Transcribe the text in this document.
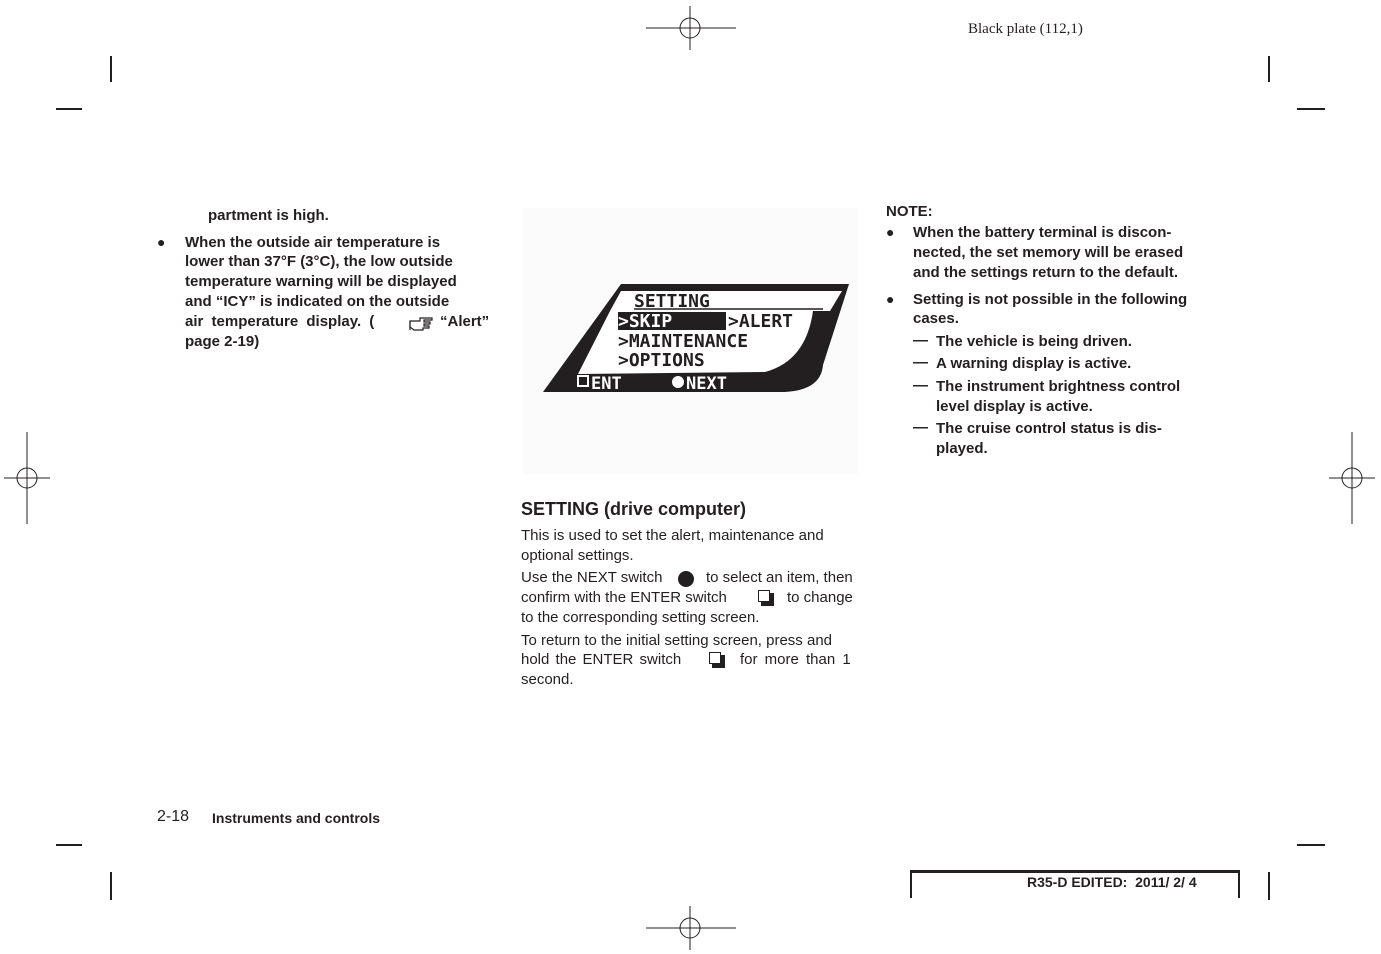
Black plate (112,1)
partment is high.
● When the outside air temperature is
lower than 37°F (3°C), the low outside
temperature warning will be displayed
and “ICY” is indicated on the outside
air temperature display. (	“Alert”
page 2-19)
SETTING
>SKIP	>ALERT
>MAINTENANCE
>OPTIONS
ENT	NEXT
SETTING (drive computer)
This is used to set the alert, maintenance and
optional settings.
Use the NEXT switch	to select an item, then
confirm with the ENTER switch	to change
to the corresponding setting screen.
To return to the initial setting screen, press and
hold the ENTER switch	for more than 1
second.
NOTE:
● When the battery terminal is discon-
nected, the set memory will be erased
and the settings return to the default.
● Setting is not possible in the following
cases.
— The vehicle is being driven.
— A warning display is active.
— The instrument brightness control
level display is active.
— The cruise control status is dis-
played.
2-18 Instruments and controls
R35-D EDITED:  2011/ 2/ 4
